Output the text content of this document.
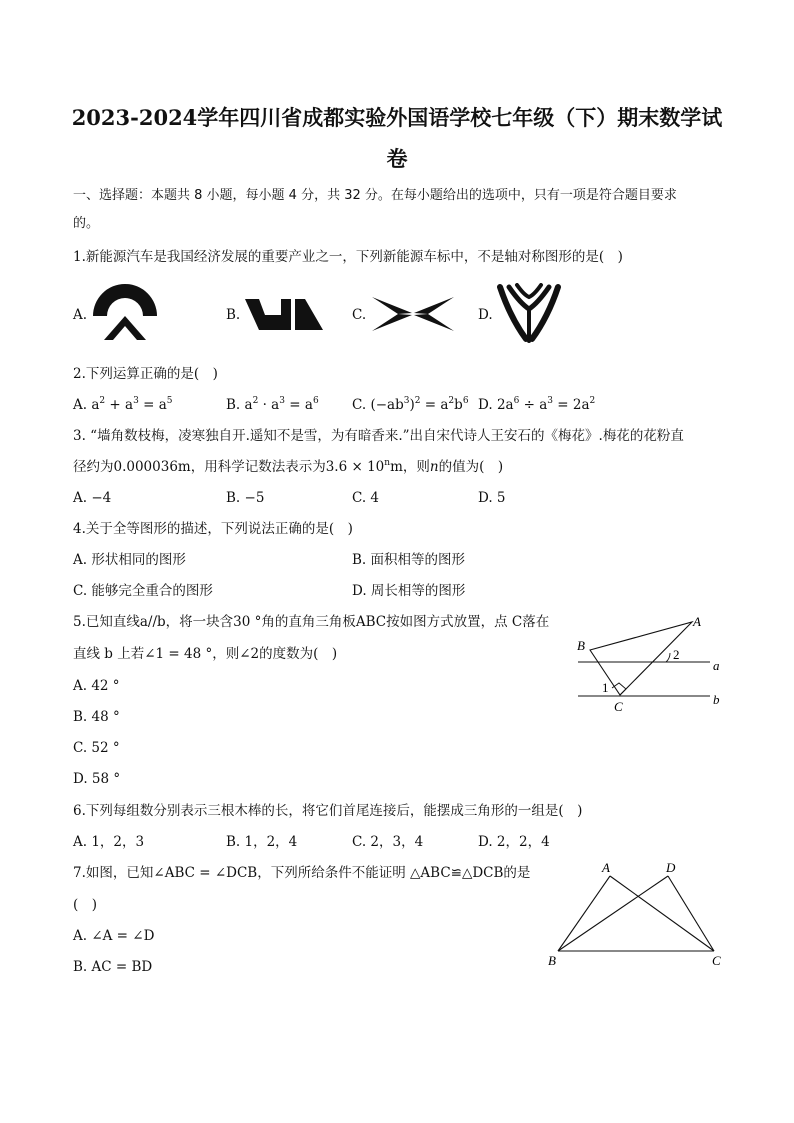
2023-2024学年四川省成都实验外国语学校七年级（下）期末数学试
卷
一、选择题：本题共 8 小题，每小题 4 分，共 32 分。在每小题给出的选项中，只有一项是符合题目要求
的。
1.新能源汽车是我国经济发展的重要产业之一，下列新能源车标中，不是轴对称图形的是(　)
A.	B.	C.	D.
2.下列运算正确的是(　)
A. $a^2 + a^3 = a^5$	B. $a^2 \cdot a^3 = a^6$ C. $(-ab^3)^2 = a^2b^6$ D. $2a^6 \div a^3 = 2a^2$
3. “墙角数枝梅，凌寒独自开.遥知不是雪，为有暗香来.”出自宋代诗人王安石的《梅花》.梅花的花粉直
径约为0.000036m，用科学记数法表示为$3.6 \times 10^nm$，则n的值为(　)
A. −4	B. −5	C. 4	D. 5
4.关于全等图形的描述，下列说法正确的是(　)
A. 形状相同的图形	B. 面积相等的图形
C. 能够完全重合的图形	D. 周长相等的图形
5.已知直线a//b，将一块含30 °角的直角三角板ABC按如图方式放置，点 C落在
直线 b 上若∠1 = 48 °，则∠2的度数为(　)
A. 42 °
B. 48 °
C. 52 °
D. 58 °
B
A
C
a
b
1
2
6.下列每组数分别表示三根木棒的长，将它们首尾连接后，能摆成三角形的一组是(　)
A. 1，2，3	B. 1，2，4	C. 2，3，4	D. 2，2，4
7.如图，已知∠ABC = ∠DCB，下列所给条件不能证明 △ABC≌△DCB的是
(　)
A. ∠A = ∠D
B. AC = BD
A	D
B	C
